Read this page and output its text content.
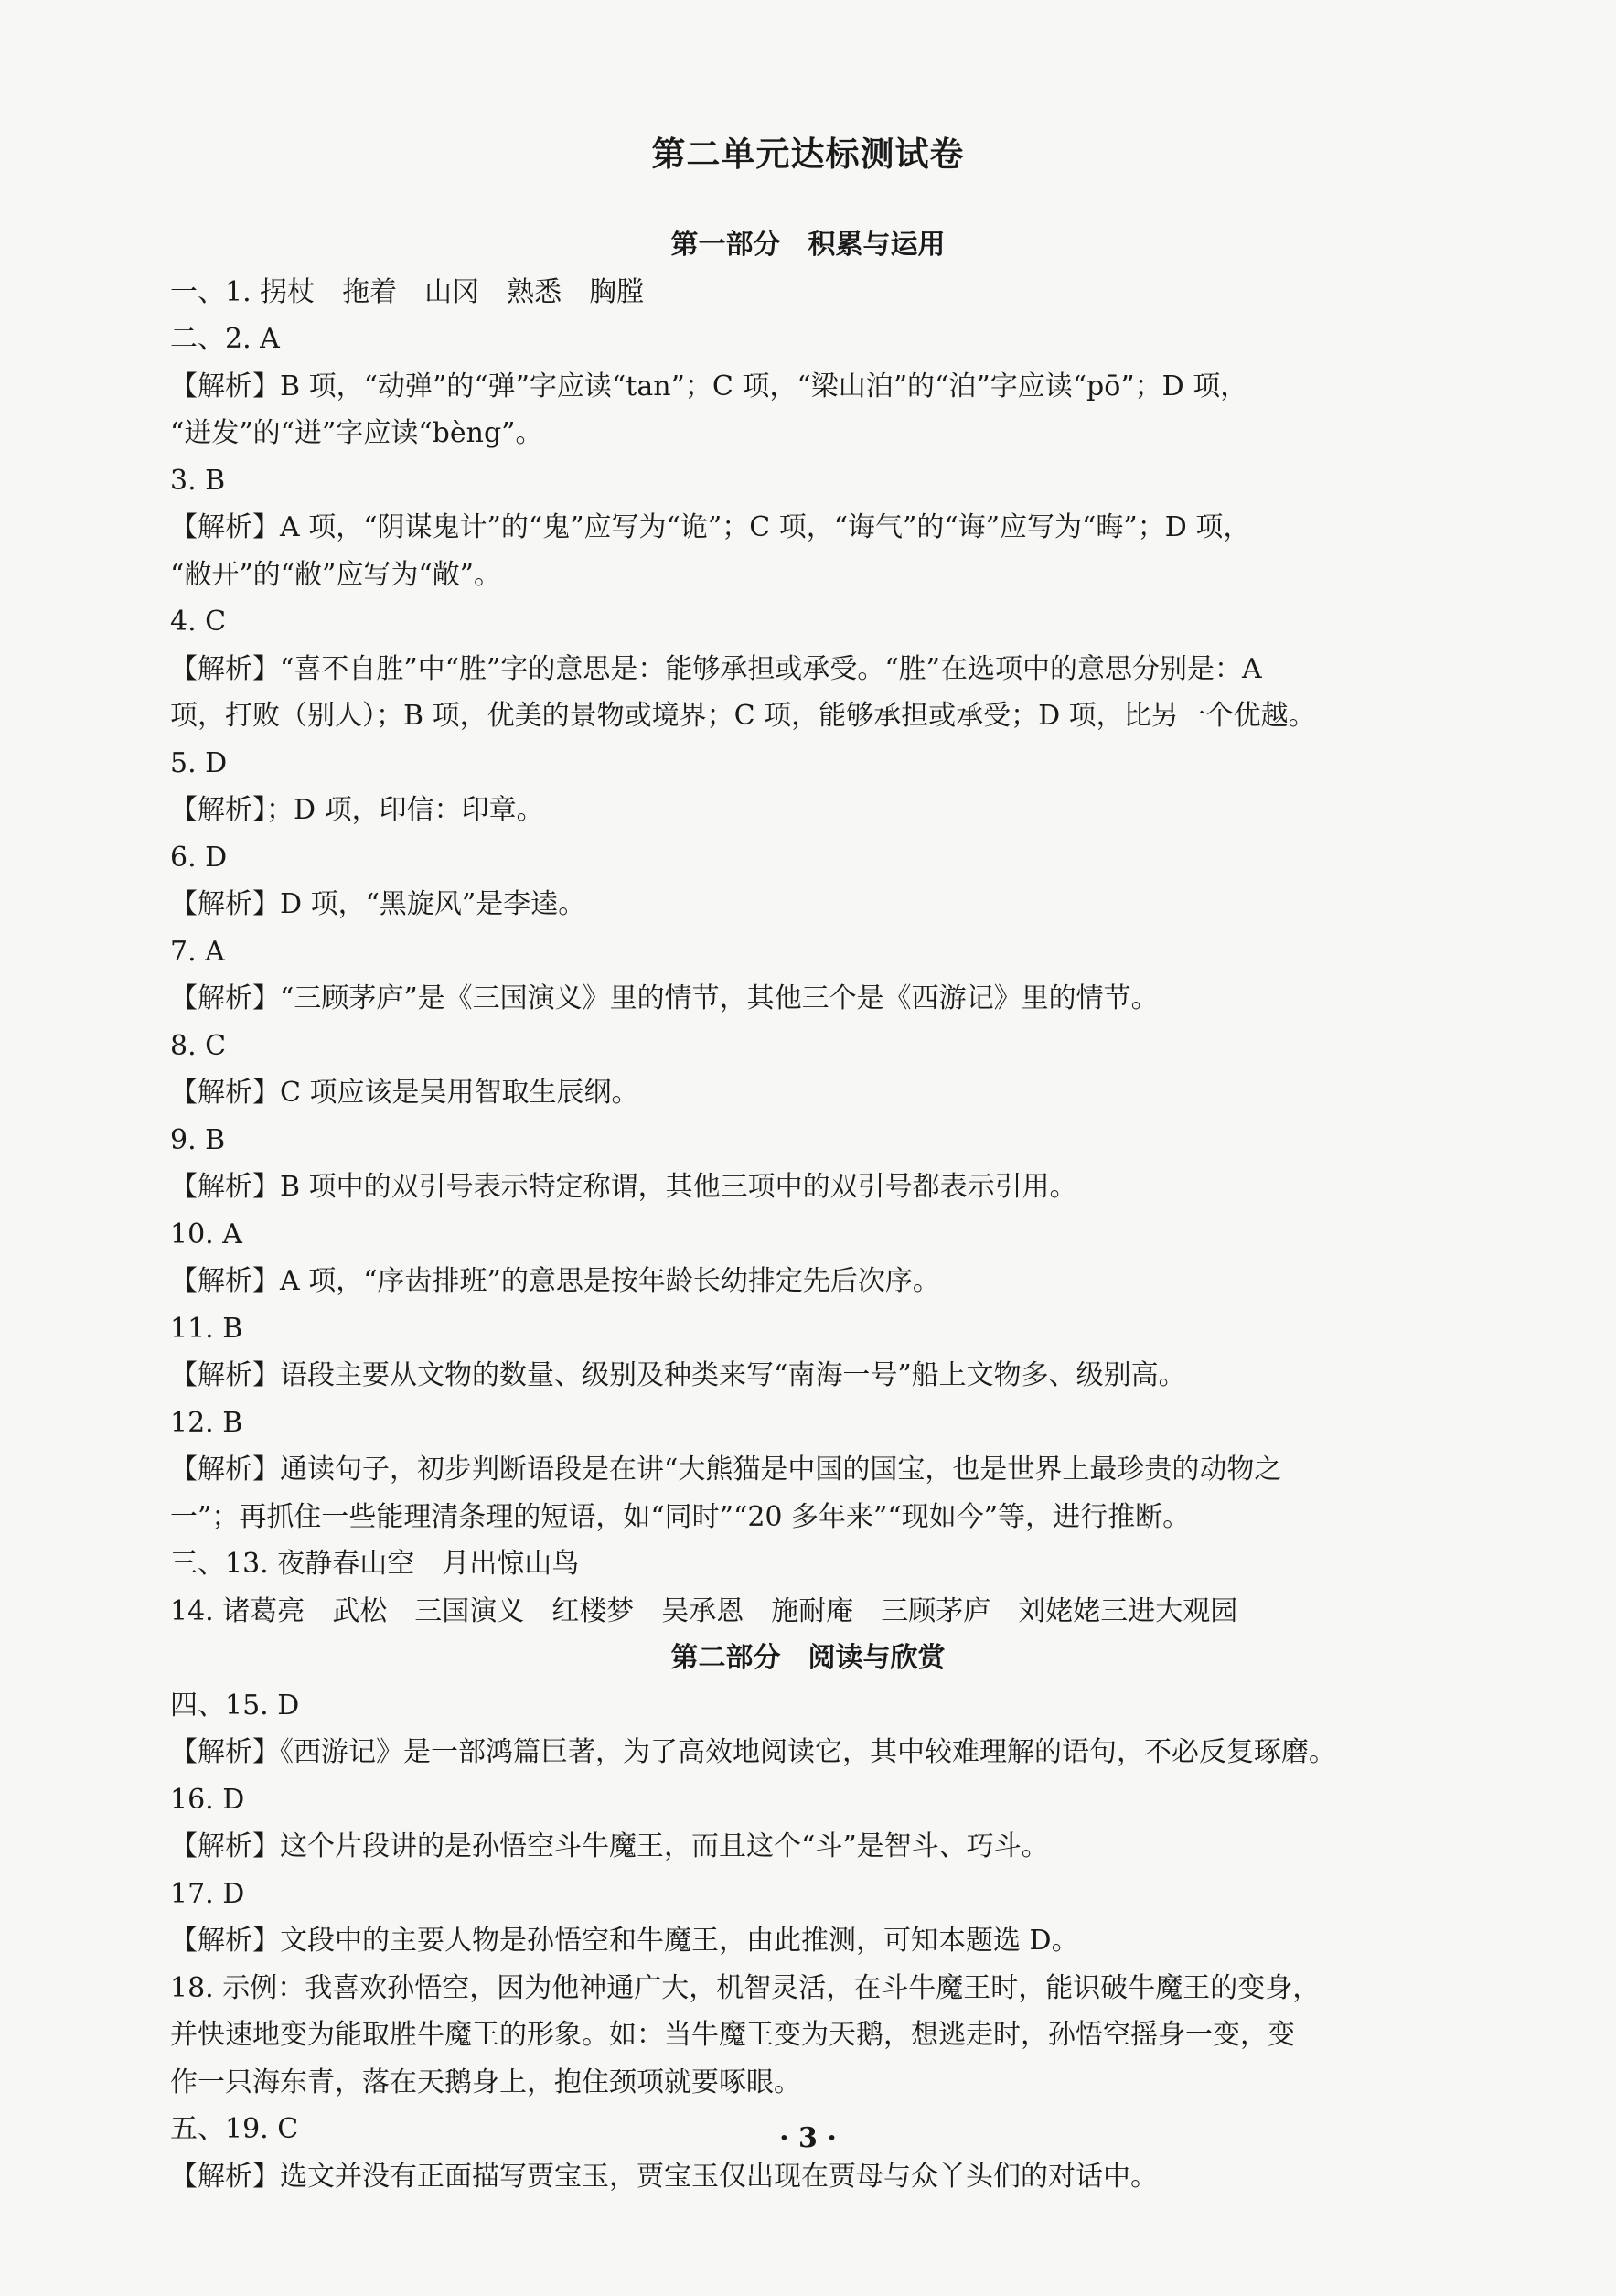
第二单元达标测试卷
第一部分　积累与运用
一、1. 拐杖　拖着　山冈　熟悉　胸膛
二、2. A
【解析】B 项，“动弹”的“弹”字应读“tan”；C 项，“梁山泊”的“泊”字应读“pō”；D 项，
“迸发”的“迸”字应读“bèng”。
3. B
【解析】A 项，“阴谋鬼计”的“鬼”应写为“诡”；C 项，“诲气”的“诲”应写为“晦”；D 项，
“敝开”的“敝”应写为“敞”。
4. C
【解析】“喜不自胜”中“胜”字的意思是：能够承担或承受。“胜”在选项中的意思分别是：A
项，打败（别人）；B 项，优美的景物或境界；C 项，能够承担或承受；D 项，比另一个优越。
5. D
【解析】；D 项，印信：印章。
6. D
【解析】D 项，“黑旋风”是李逵。
7. A
【解析】“三顾茅庐”是《三国演义》里的情节，其他三个是《西游记》里的情节。
8. C
【解析】C 项应该是吴用智取生辰纲。
9. B
【解析】B 项中的双引号表示特定称谓，其他三项中的双引号都表示引用。
10. A
【解析】A 项，“序齿排班”的意思是按年龄长幼排定先后次序。
11. B
【解析】语段主要从文物的数量、级别及种类来写“南海一号”船上文物多、级别高。
12. B
【解析】通读句子，初步判断语段是在讲“大熊猫是中国的国宝，也是世界上最珍贵的动物之
一”；再抓住一些能理清条理的短语，如“同时”“20 多年来”“现如今”等，进行推断。
三、13. 夜静春山空　月出惊山鸟
14. 诸葛亮　武松　三国演义　红楼梦　吴承恩　施耐庵　三顾茅庐　刘姥姥三进大观园
第二部分　阅读与欣赏
四、15. D
【解析】《西游记》是一部鸿篇巨著，为了高效地阅读它，其中较难理解的语句，不必反复琢磨。
16. D
【解析】这个片段讲的是孙悟空斗牛魔王，而且这个“斗”是智斗、巧斗。
17. D
【解析】文段中的主要人物是孙悟空和牛魔王，由此推测，可知本题选 D。
18. 示例：我喜欢孙悟空，因为他神通广大，机智灵活，在斗牛魔王时，能识破牛魔王的变身，
并快速地变为能取胜牛魔王的形象。如：当牛魔王变为天鹅，想逃走时，孙悟空摇身一变，变
作一只海东青，落在天鹅身上，抱住颈项就要啄眼。
五、19. C
【解析】选文并没有正面描写贾宝玉，贾宝玉仅出现在贾母与众丫头们的对话中。
· 3 ·
